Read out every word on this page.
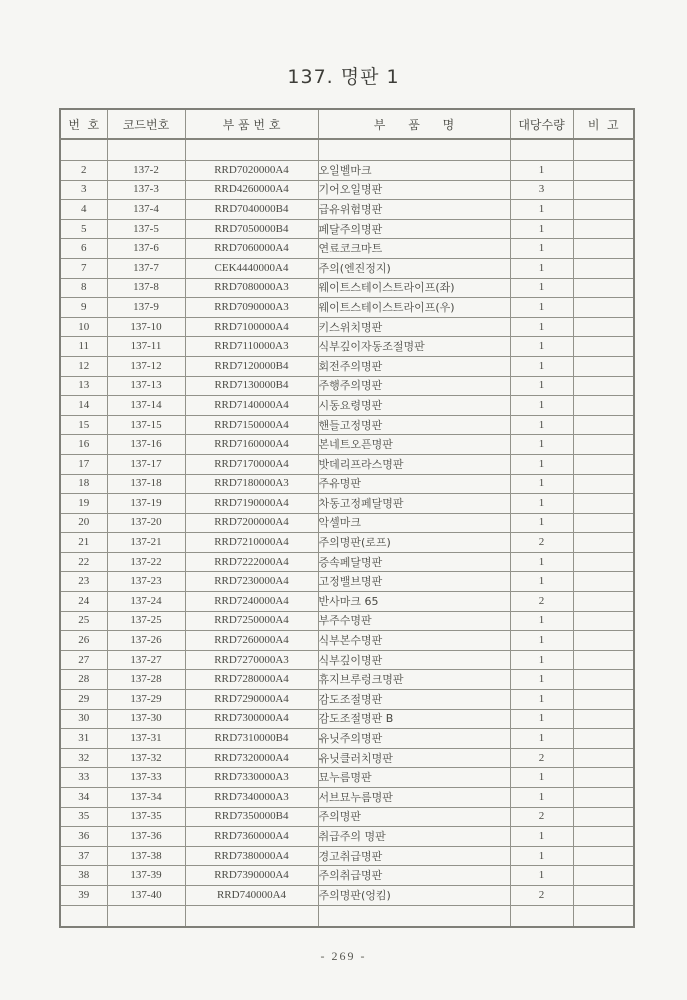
137. 명판 1
번  호	코드번호	부 품 번 호	부      품      명	대당수량	비  고

2	137-2	RRD7020000A4	오일벨마크	1	
3	137-3	RRD4260000A4	기어오일명판	3	
4	137-4	RRD7040000B4	급유위험명판	1	
5	137-5	RRD7050000B4	페달주의명판	1	
6	137-6	RRD7060000A4	연료코크마트	1	
7	137-7	CEK4440000A4	주의(엔진정지)	1	
8	137-8	RRD7080000A3	웨이트스테이스트라이프(좌)	1	
9	137-9	RRD7090000A3	웨이트스테이스트라이프(우)	1	
10	137-10	RRD7100000A4	키스위치명판	1	
11	137-11	RRD7110000A3	식부깊이자동조절명판	1	
12	137-12	RRD7120000B4	회전주의명판	1	
13	137-13	RRD7130000B4	주행주의명판	1	
14	137-14	RRD7140000A4	시동요령명판	1	
15	137-15	RRD7150000A4	핸들고정명판	1	
16	137-16	RRD7160000A4	본네트오픈명판	1	
17	137-17	RRD7170000A4	밧데리프라스명판	1	
18	137-18	RRD7180000A3	주유명판	1	
19	137-19	RRD7190000A4	차동고정페달명판	1	
20	137-20	RRD7200000A4	악셀마크	1	
21	137-21	RRD7210000A4	주의명판(로프)	2	
22	137-22	RRD7222000A4	증속페달명판	1	
23	137-23	RRD7230000A4	고정밸브명판	1	
24	137-24	RRD7240000A4	반사마크 65	2	
25	137-25	RRD7250000A4	부주수명판	1	
26	137-26	RRD7260000A4	식부본수명판	1	
27	137-27	RRD7270000A3	식부깊이명판	1	
28	137-28	RRD7280000A4	휴지브루렁크명판	1	
29	137-29	RRD7290000A4	감도조절명판	1	
30	137-30	RRD7300000A4	감도조절명판 B	1	
31	137-31	RRD7310000B4	유닛주의명판	1	
32	137-32	RRD7320000A4	유닛클러치명판	2	
33	137-33	RRD7330000A3	묘누름명판	1	
34	137-34	RRD7340000A3	서브묘누름명판	1	
35	137-35	RRD7350000B4	주의명판	2	
36	137-36	RRD7360000A4	취급주의 명판	1	
37	137-38	RRD7380000A4	경고취급명판	1	
38	137-39	RRD7390000A4	주의취급명판	1	
39	137-40	RRD740000A4	주의명판(엉킴)	2	

- 269 -
